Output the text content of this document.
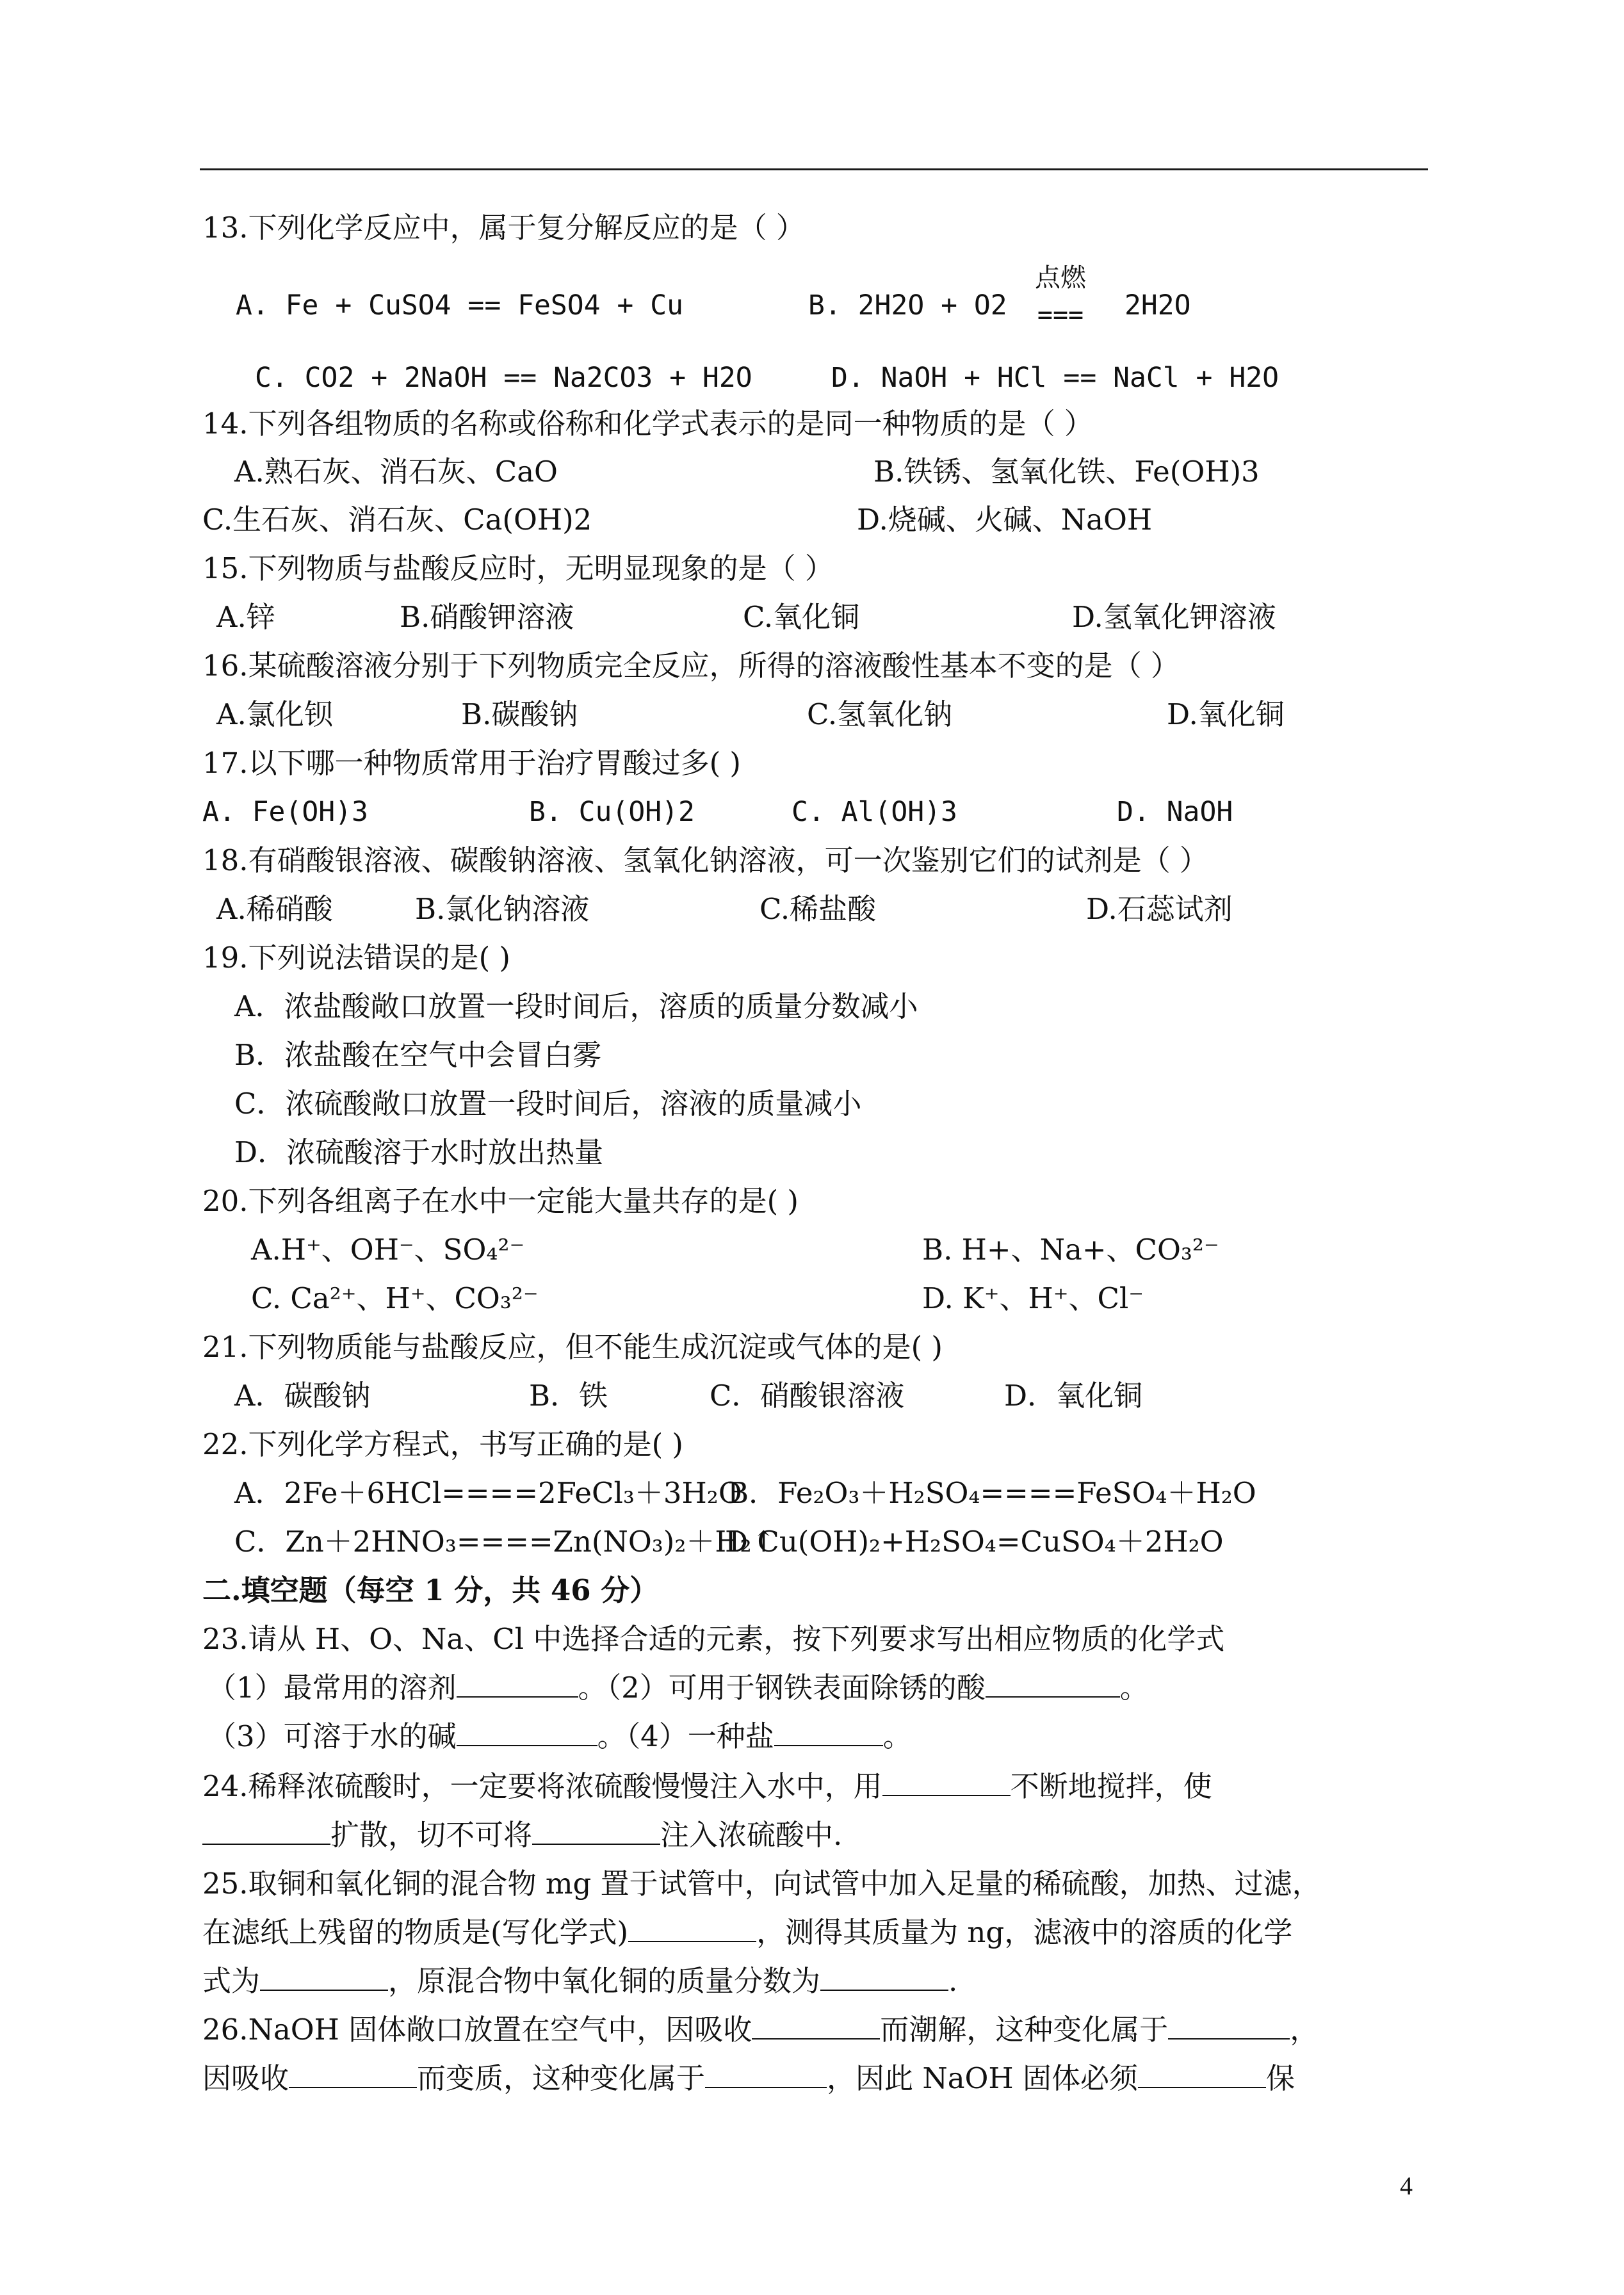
13.下列化学反应中，属于复分解反应的是（ ）
A. Fe + CuSO4 == FeSO4 + Cu	B. 2H2O + O2
点燃
===	2H2O
C. CO2 + 2NaOH == Na2CO3 + H2O	D. NaOH + HCl == NaCl + H2O
14.下列各组物质的名称或俗称和化学式表示的是同一种物质的是（ ）
A.熟石灰、消石灰、CaO	B.铁锈、氢氧化铁、Fe(OH)3
C.生石灰、消石灰、Ca(OH)2	D.烧碱、火碱、NaOH
15.下列物质与盐酸反应时，无明显现象的是（ ）
A.锌	B.硝酸钾溶液	C.氧化铜	D.氢氧化钾溶液
16.某硫酸溶液分别于下列物质完全反应，所得的溶液酸性基本不变的是（ ）
A.氯化钡	B.碳酸钠	C.氢氧化钠	D.氧化铜
17.以下哪一种物质常用于治疗胃酸过多( )
A. Fe(OH)3	B. Cu(OH)2	C. Al(OH)3	D. NaOH
18.有硝酸银溶液、碳酸钠溶液、氢氧化钠溶液，可一次鉴别它们的试剂是（ ）
A.稀硝酸	B.氯化钠溶液	C.稀盐酸	D.石蕊试剂
19.下列说法错误的是( )
A．浓盐酸敞口放置一段时间后，溶质的质量分数减小
B．浓盐酸在空气中会冒白雾
C．浓硫酸敞口放置一段时间后，溶液的质量减小
D．浓硫酸溶于水时放出热量
20.下列各组离子在水中一定能大量共存的是( )
A.H⁺、OH⁻、SO₄²⁻	B. H+、Na+、CO₃²⁻
C. Ca²⁺、H⁺、CO₃²⁻	D. K⁺、H⁺、Cl⁻
21.下列物质能与盐酸反应，但不能生成沉淀或气体的是( )
A．碳酸钠	B．铁	C．硝酸银溶液	D．氧化铜
22.下列化学方程式，书写正确的是( )
A．2Fe＋6HCl====2FeCl₃＋3H₂O
B．Fe₂O₃＋H₂SO₄====FeSO₄＋H₂O
C．Zn＋2HNO₃====Zn(NO₃)₂＋H₂↑
D Cu(OH)₂+H₂SO₄=CuSO₄＋2H₂O
二.填空题（每空 1 分，共 46 分）
23.请从 H、O、Na、Cl 中选择合适的元素，按下列要求写出相应物质的化学式
（1）最常用的溶剂	。（2）可用于钢铁表面除锈的酸	。
（3）可溶于水的碱	。（4）一种盐	。
24.稀释浓硫酸时，一定要将浓硫酸慢慢注入水中，用	不断地搅拌，使
扩散，切不可将	注入浓硫酸中.
25.取铜和氧化铜的混合物 mg 置于试管中，向试管中加入足量的稀硫酸，加热、过滤，
在滤纸上残留的物质是(写化学式)	，测得其质量为 ng，滤液中的溶质的化学
式为	，原混合物中氧化铜的质量分数为	.
26.NaOH 固体敞口放置在空气中，因吸收	而潮解，这种变化属于	，
因吸收	而变质，这种变化属于	，因此 NaOH 固体必须	保
4
